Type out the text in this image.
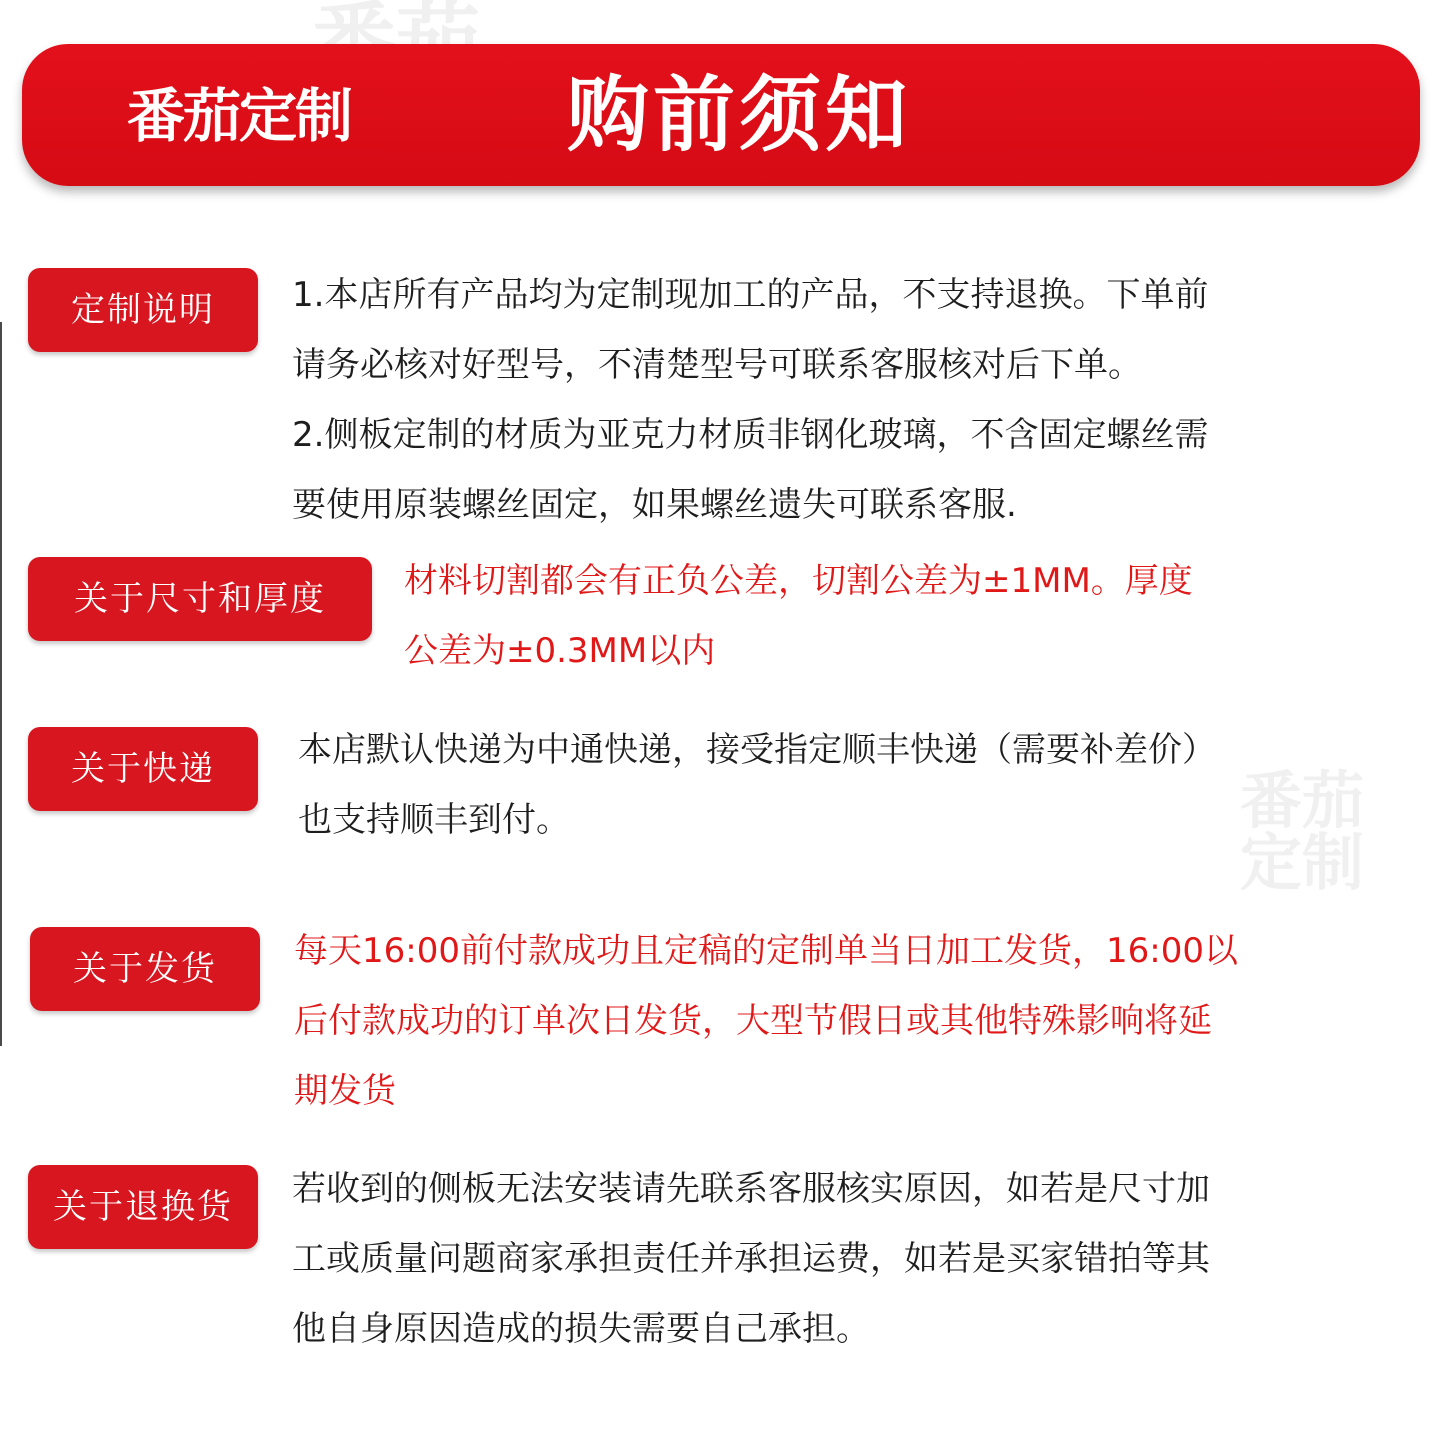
番茄
定制
番茄定制	购前须知
定制说明	1.本店所有产品均为定制现加工的产品，不支持退换。下单前
请务必核对好型号，不清楚型号可联系客服核对后下单。
2.侧板定制的材质为亚克力材质非钢化玻璃，不含固定螺丝需
要使用原装螺丝固定，如果螺丝遗失可联系客服.
关于尺寸和厚度	材料切割都会有正负公差，切割公差为±1MM。厚度
公差为±0.3MM以内
关于快递	本店默认快递为中通快递，接受指定顺丰快递（需要补差价）
也支持顺丰到付。
关于发货	每天16:00前付款成功且定稿的定制单当日加工发货，16:00以
后付款成功的订单次日发货，大型节假日或其他特殊影响将延
期发货
关于退换货	若收到的侧板无法安装请先联系客服核实原因，如若是尺寸加
工或质量问题商家承担责任并承担运费，如若是买家错拍等其
他自身原因造成的损失需要自己承担。
